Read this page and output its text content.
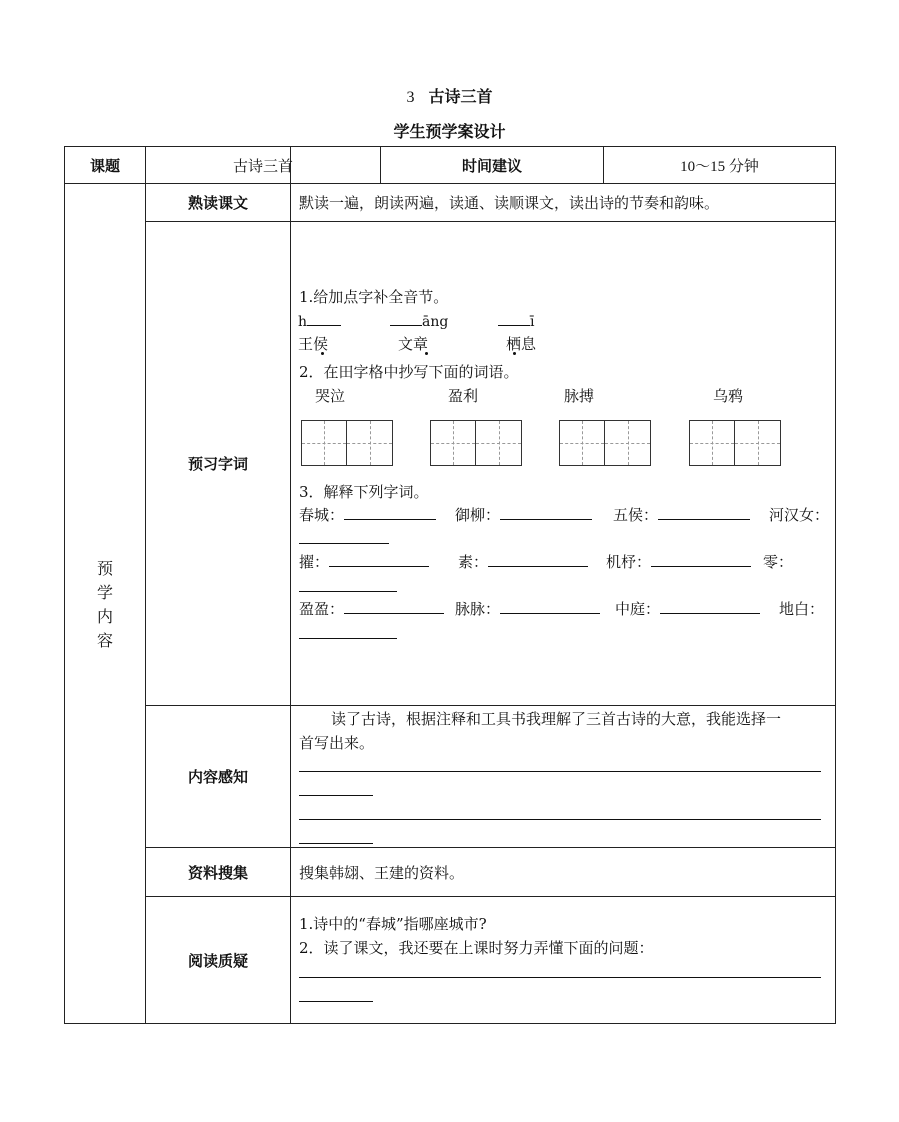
3 古诗三首
学生预学案设计
课题	古诗三首	时间建议	10～15 分钟
预
学
内
容
熟读课文	默读一遍，朗读两遍，读通、读顺课文，读出诗的节奏和韵味。
预习字词
1.给加点字补全音节。
h	āng	ī
王侯	文章	栖息
2．在田字格中抄写下面的词语。
哭泣	盈利	脉搏	乌鸦
3．解释下列字词。
春城：	御柳：	五侯：	河汉女：
擢：	素：	机杼：	零：
盈盈：	脉脉：	中庭：	地白：
内容感知
读了古诗，根据注释和工具书我理解了三首古诗的大意，我能选择一
首写出来。
资料搜集	搜集韩翃、王建的资料。
阅读质疑
1.诗中的“春城”指哪座城市?
2．读了课文，我还要在上课时努力弄懂下面的问题：
